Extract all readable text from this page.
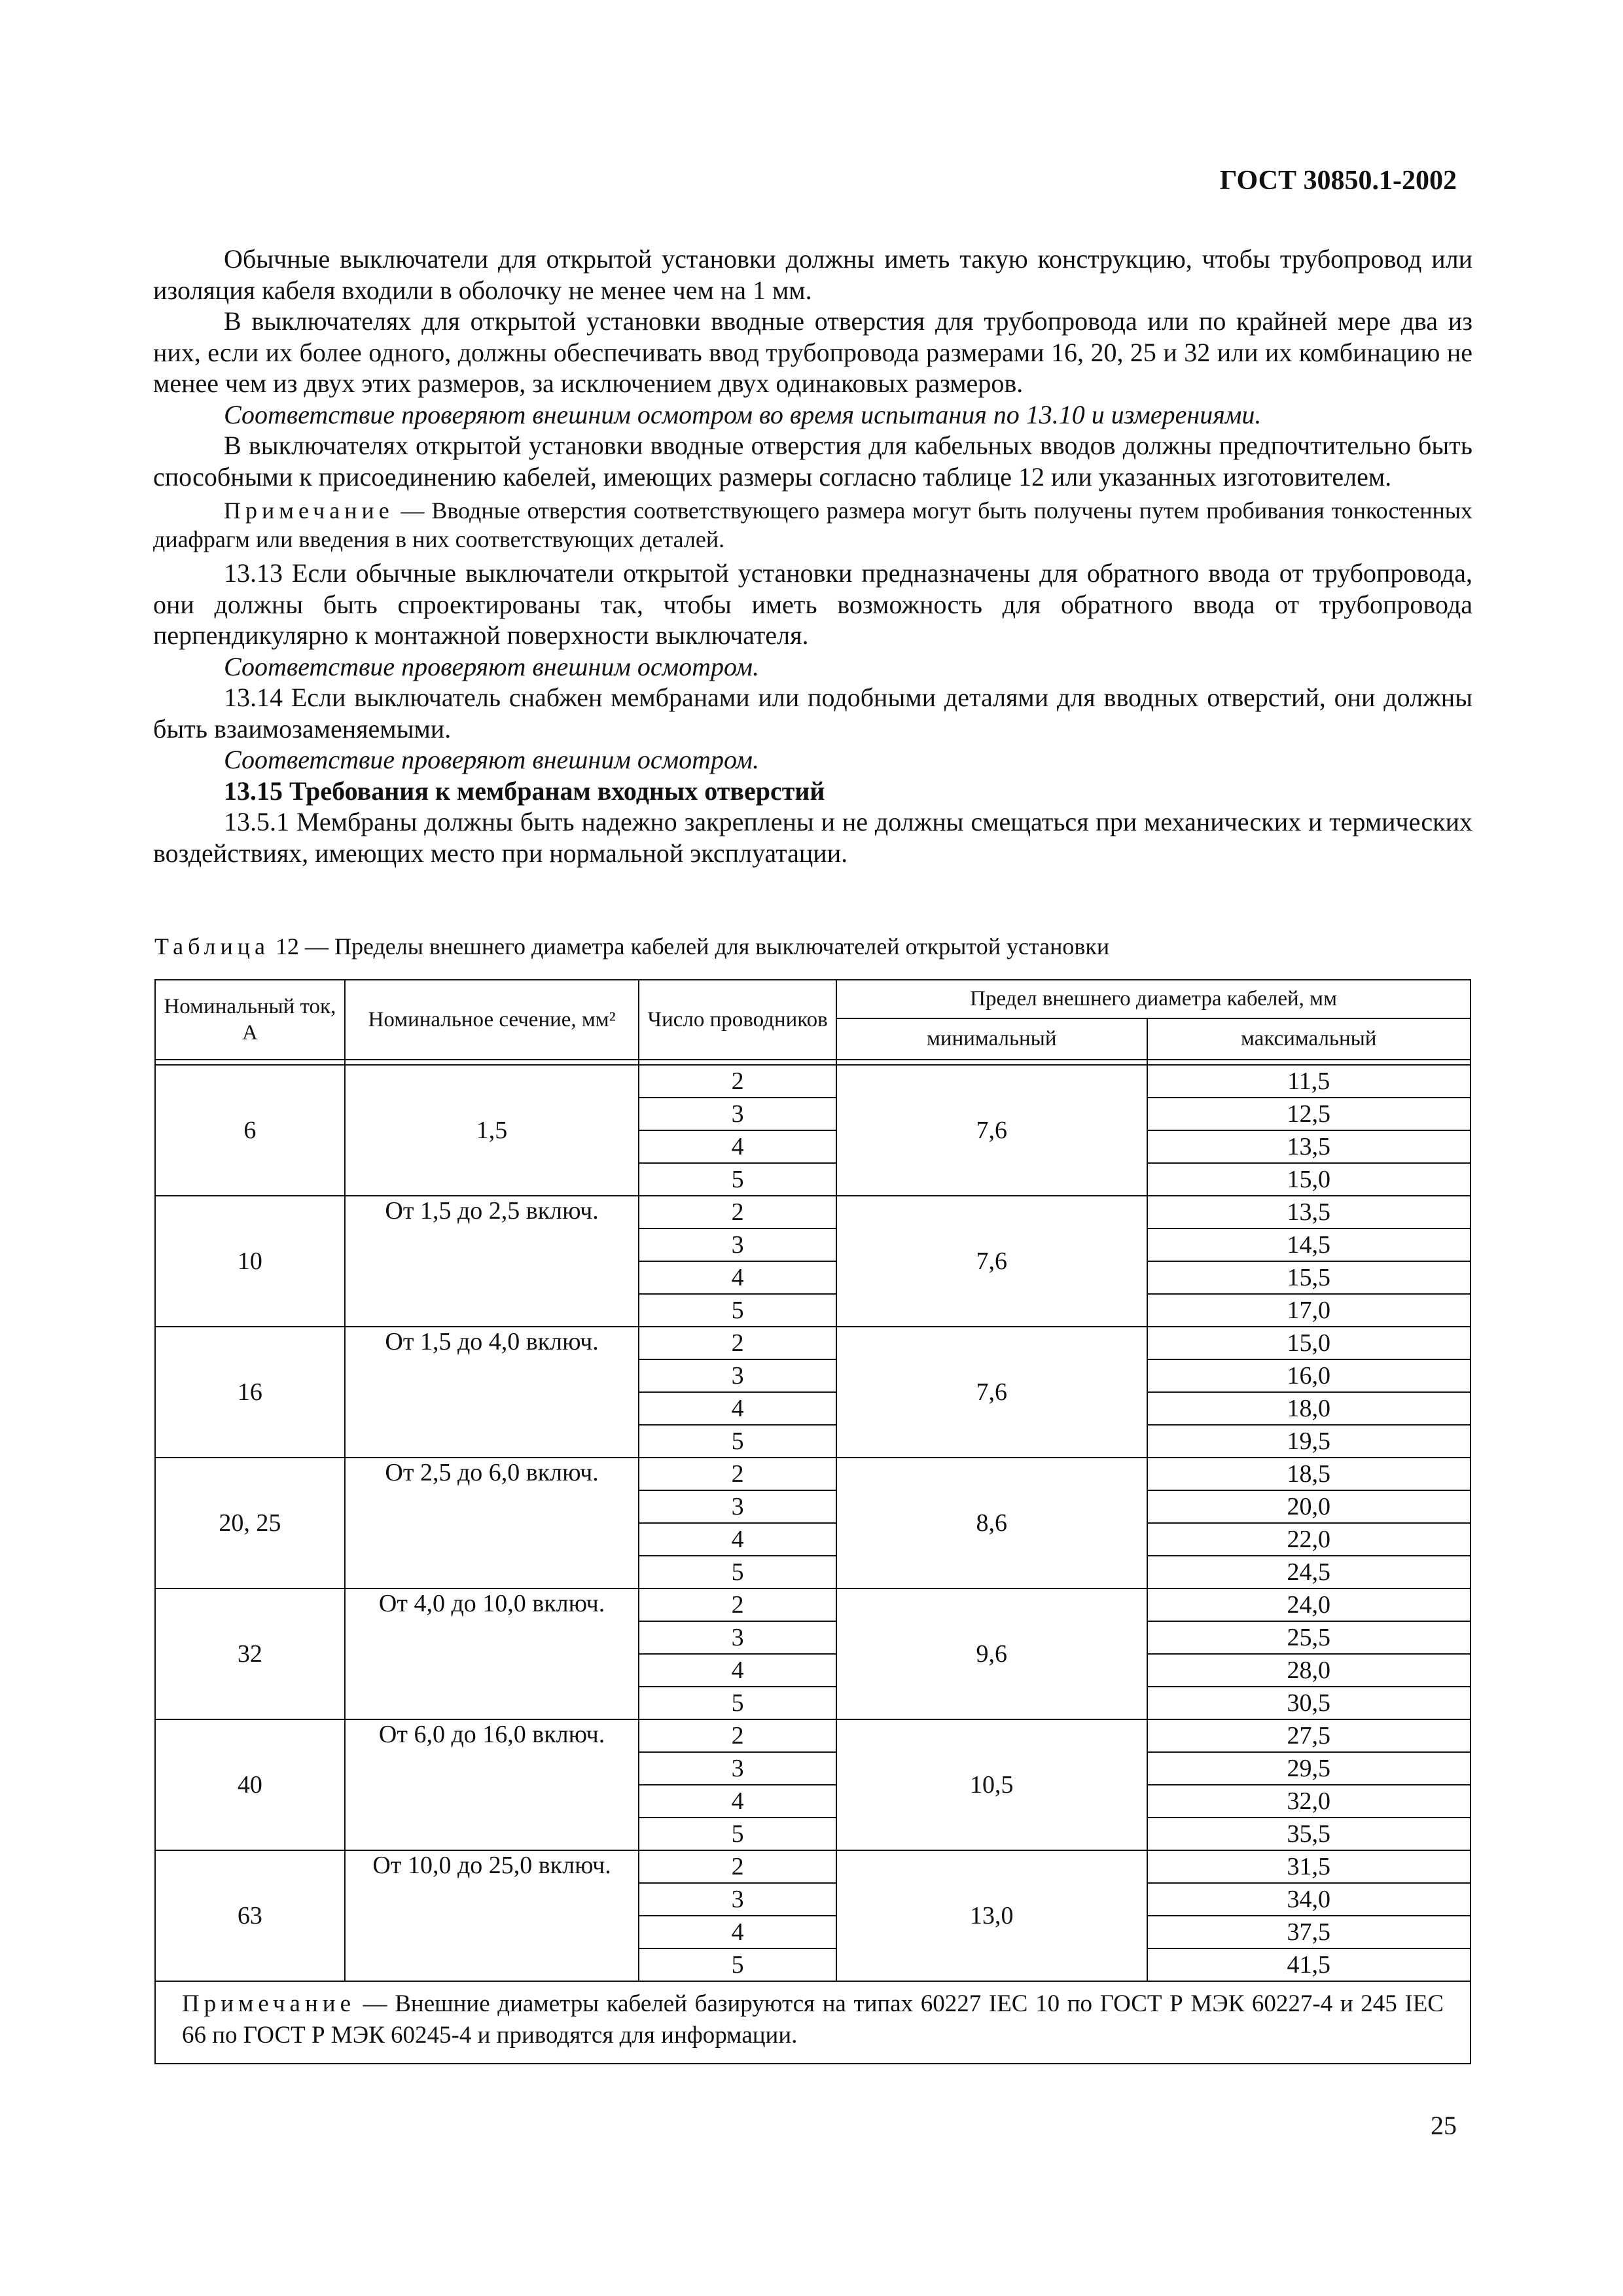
ГОСТ 30850.1-2002

Обычные выключатели для открытой установки должны иметь такую конструкцию, чтобы трубопровод или изоляция кабеля входили в оболочку не менее чем на 1 мм.

В выключателях для открытой установки вводные отверстия для трубопровода или по крайней мере два из них, если их более одного, должны обеспечивать ввод трубопровода размерами 16, 20, 25 и 32 или их комбинацию не менее чем из двух этих размеров, за исключением двух одинаковых размеров.

Соответствие проверяют внешним осмотром во время испытания по 13.10 и измерениями.

В выключателях открытой установки вводные отверстия для кабельных вводов должны предпочтительно быть способными к присоединению кабелей, имеющих размеры согласно таблице 12 или указанных изготовителем.

Примечание — Вводные отверстия соответствующего размера могут быть получены путем пробивания тонкостенных диафрагм или введения в них соответствующих деталей.

13.13 Если обычные выключатели открытой установки предназначены для обратного ввода от трубопровода, они должны быть спроектированы так, чтобы иметь возможность для обратного ввода от трубопровода перпендикулярно к монтажной поверхности выключателя.

Соответствие проверяют внешним осмотром.

13.14 Если выключатель снабжен мембранами или подобными деталями для вводных отверстий, они должны быть взаимозаменяемыми.

Соответствие проверяют внешним осмотром.

13.15 Требования к мембранам входных отверстий

13.5.1 Мембраны должны быть надежно закреплены и не должны смещаться при механических и термических воздействиях, имеющих место при нормальной эксплуатации.

Таблица 12 — Пределы внешнего диаметра кабелей для выключателей открытой установки
Номинальный ток, А	Номинальное сечение, мм²	Число проводников	Предел внешнего диаметра кабелей, мм	
			минимальный	максимальный

6	1,5	2	7,6	11,5
		3		12,5
		4		13,5
		5		15,0
10	От 1,5 до 2,5 включ.	2	7,6	13,5
		3		14,5
		4		15,5
		5		17,0
16	От 1,5 до 4,0 включ.	2	7,6	15,0
		3		16,0
		4		18,0
		5		19,5
20, 25	От 2,5 до 6,0 включ.	2	8,6	18,5
		3		20,0
		4		22,0
		5		24,5
32	От 4,0 до 10,0 включ.	2	9,6	24,0
		3		25,5
		4		28,0
		5		30,5
40	От 6,0 до 16,0 включ.	2	10,5	27,5
		3		29,5
		4		32,0
		5		35,5
63	От 10,0 до 25,0 включ.	2	13,0	31,5
		3		34,0
		4		37,5
		5		41,5
Примечание — Внешние диаметры кабелей базируются на типах 60227 IEC 10 по ГОСТ Р МЭК 60227-4 и 245 IEC 66 по ГОСТ Р МЭК 60245-4 и приводятся для информации.				
25
